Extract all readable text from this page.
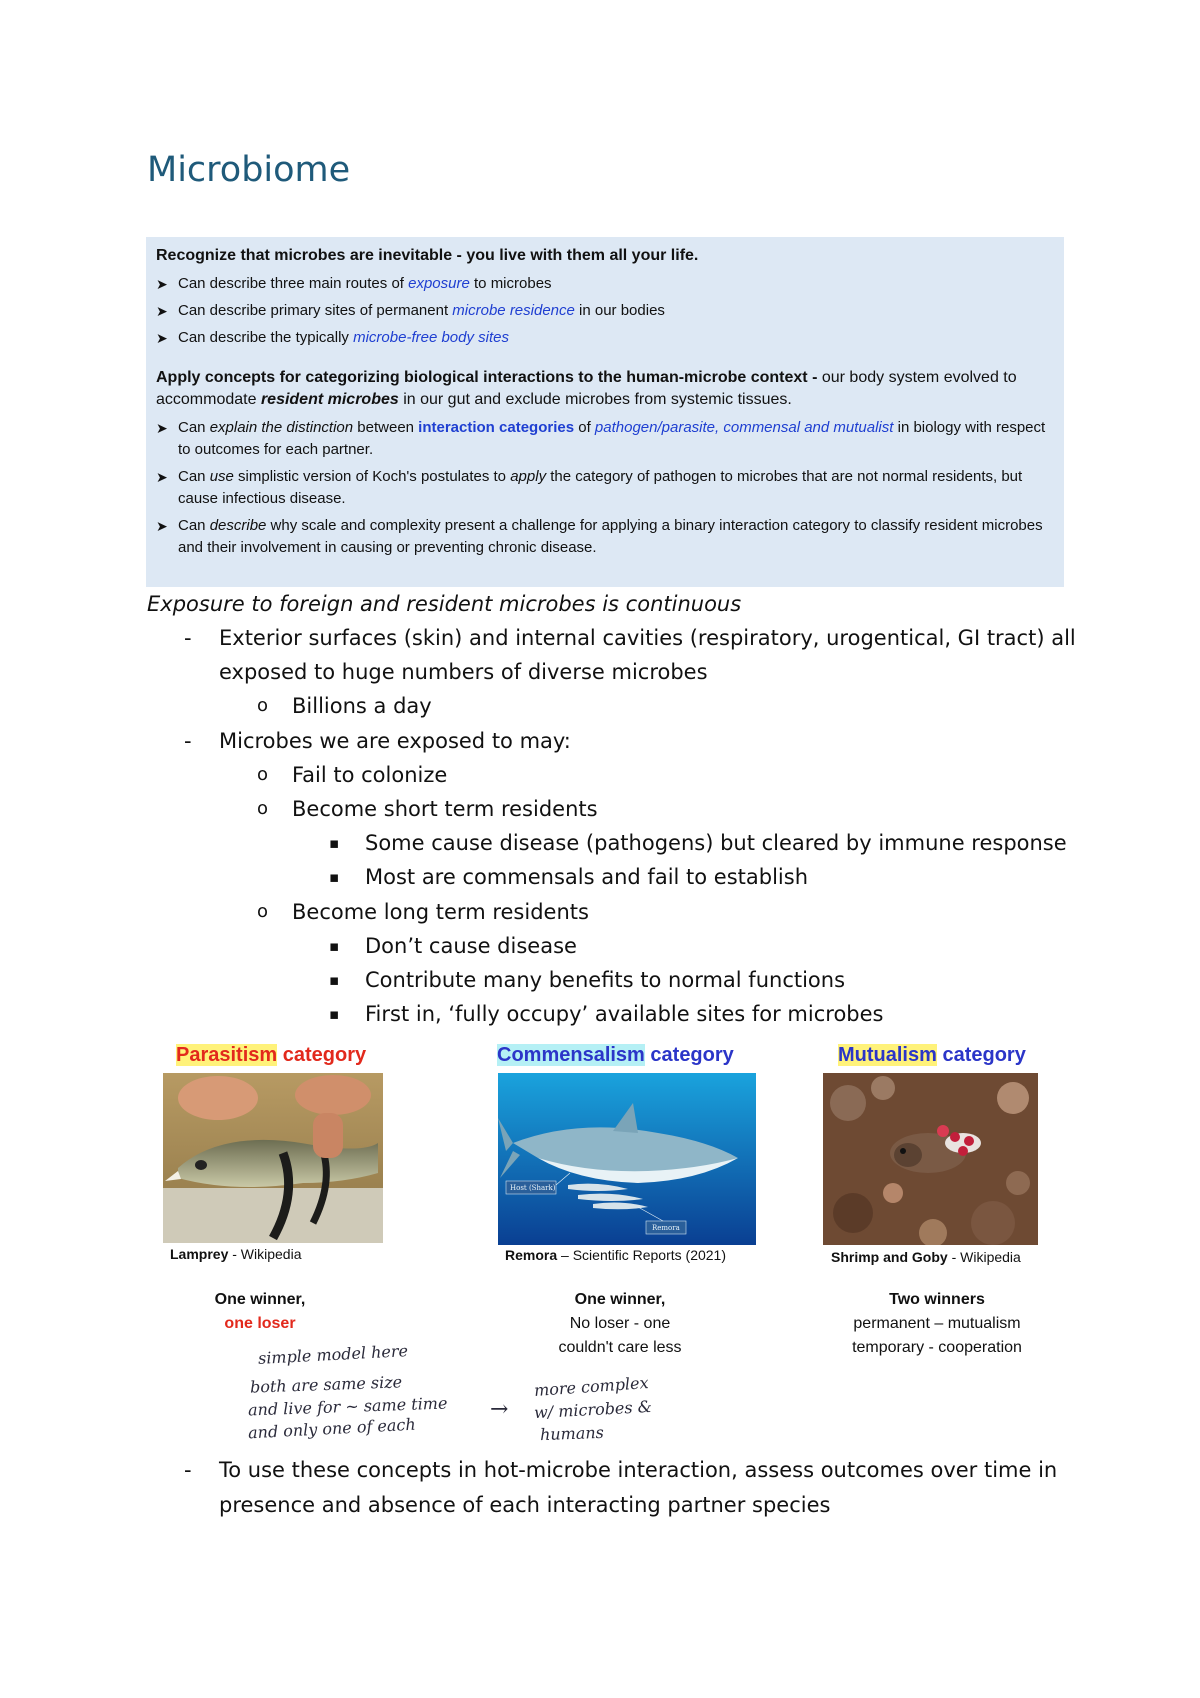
Microbiome
Recognize that microbes are inevitable - you live with them all your life.
➤ Can describe three main routes of exposure to microbes
➤ Can describe primary sites of permanent microbe residence in our bodies
➤ Can describe the typically microbe-free body sites
Apply concepts for categorizing biological interactions to the human-microbe context - our body system evolved to accommodate resident microbes in our gut and exclude microbes from systemic tissues.
➤ Can explain the distinction between interaction categories of pathogen/parasite, commensal and mutualist in biology with respect to outcomes for each partner.
➤ Can use simplistic version of Koch's postulates to apply the category of pathogen to microbes that are not normal residents, but cause infectious disease.
➤ Can describe why scale and complexity present a challenge for applying a binary interaction category to classify resident microbes and their involvement in causing or preventing chronic disease.
Exposure to foreign and resident microbes is continuous
- Exterior surfaces (skin) and internal cavities (respiratory, urogentical, GI tract) all
exposed to huge numbers of diverse microbes
o Billions a day
- Microbes we are exposed to may:
o Fail to colonize
o Become short term residents
▪ Some cause disease (pathogens) but cleared by immune response
▪ Most are commensals and fail to establish
o Become long term residents
▪ Don’t cause disease
▪ Contribute many benefits to normal functions
▪ First in, ‘fully occupy’ available sites for microbes
- To use these concepts in hot-microbe interaction, assess outcomes over time in
presence and absence of each interacting partner species
Parasitism category
Lamprey - Wikipedia
One winner,
one loser
Commensalism category
Host (Shark)
Remora
Remora – Scientific Reports (2021)
One winner,
No loser - one
couldn't care less
Mutualism category
Shrimp and Goby - Wikipedia
Two winners
permanent – mutualism
temporary - cooperation
simple model here
both are same size
and live for ~ same time
and only one of each
→
more complex
w/ microbes &
humans
